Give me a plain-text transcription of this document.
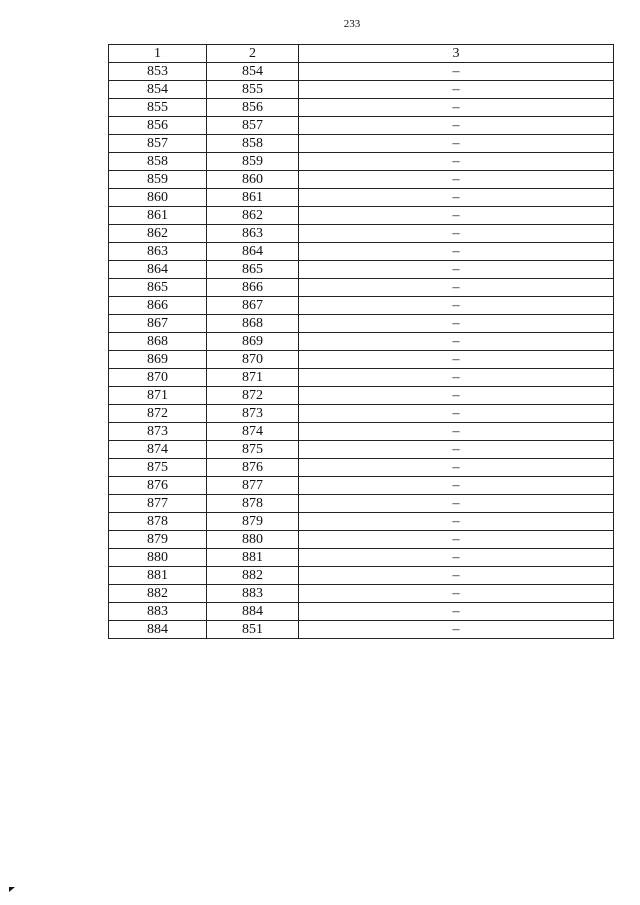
233
1	2	3
853	854	–
854	855	–
855	856	–
856	857	–
857	858	–
858	859	–
859	860	–
860	861	–
861	862	–
862	863	–
863	864	–
864	865	–
865	866	–
866	867	–
867	868	–
868	869	–
869	870	–
870	871	–
871	872	–
872	873	–
873	874	–
874	875	–
875	876	–
876	877	–
877	878	–
878	879	–
879	880	–
880	881	–
881	882	–
882	883	–
883	884	–
884	851	–
